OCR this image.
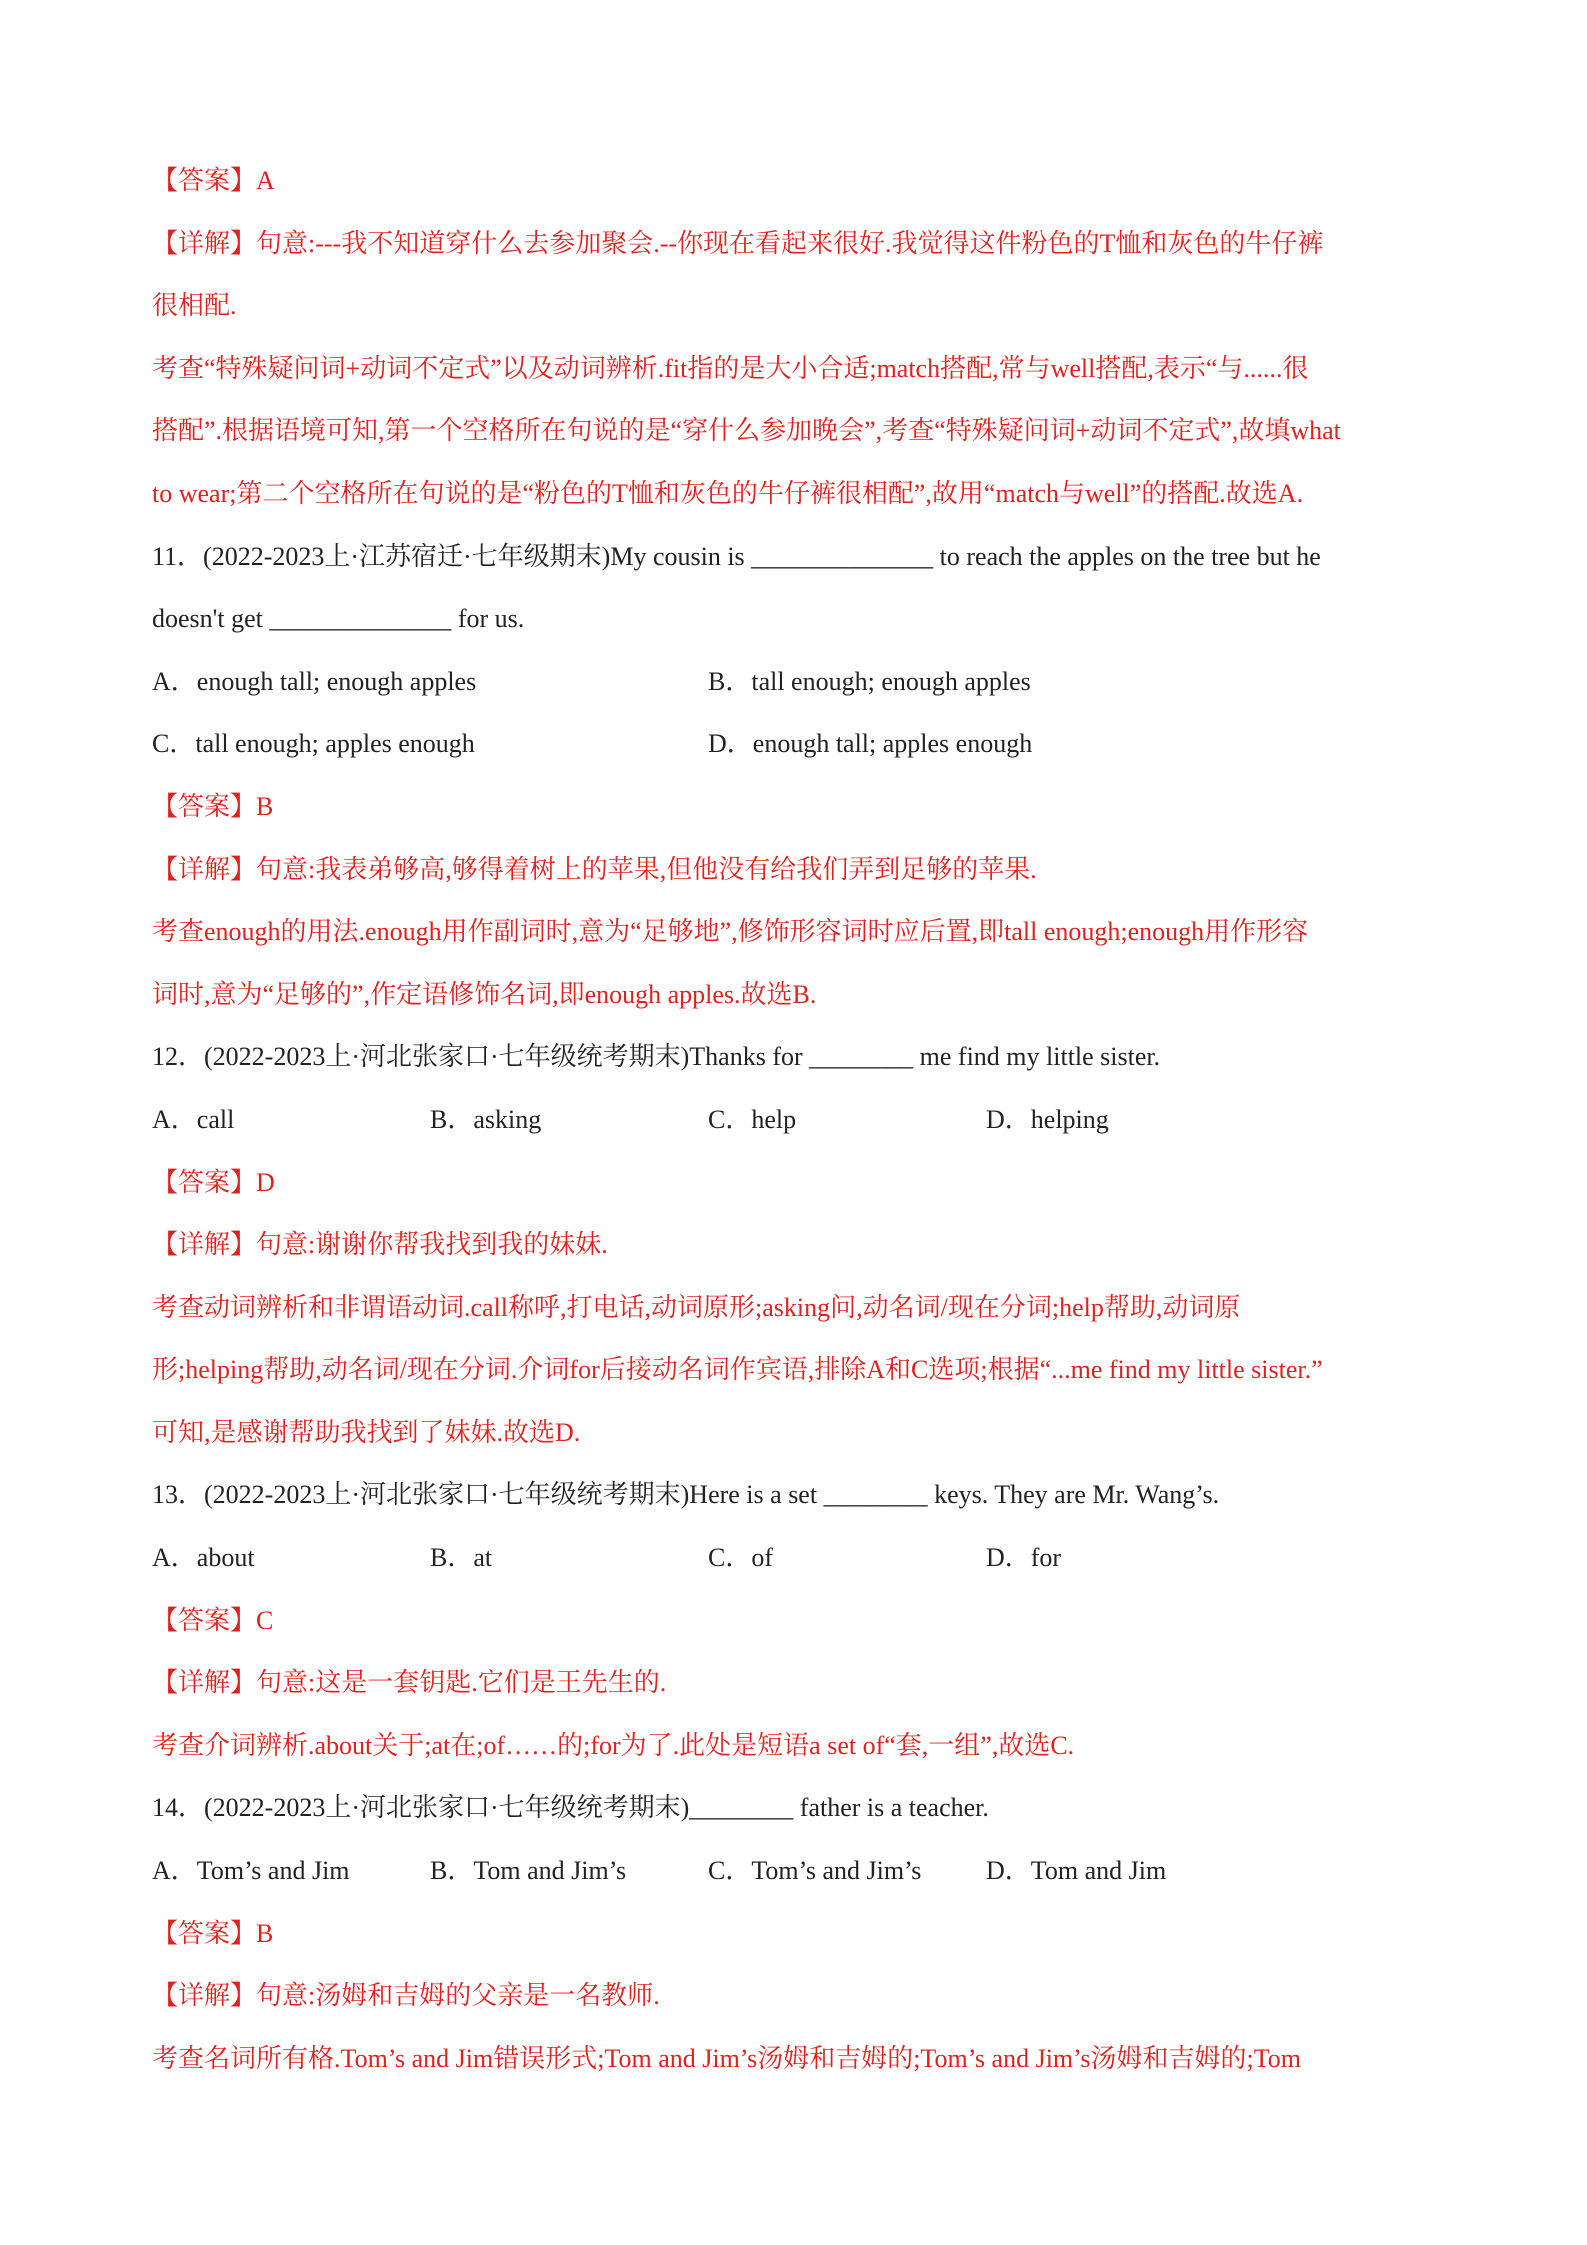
【答案】A
【详解】句意:---我不知道穿什么去参加聚会.--你现在看起来很好.我觉得这件粉色的T恤和灰色的牛仔裤
很相配.
考查“特殊疑问词+动词不定式”以及动词辨析.fit指的是大小合适;match搭配,常与well搭配,表示“与......很
搭配”.根据语境可知,第一个空格所在句说的是“穿什么参加晚会”,考查“特殊疑问词+动词不定式”,故填what
to wear;第二个空格所在句说的是“粉色的T恤和灰色的牛仔裤很相配”,故用“match与well”的搭配.故选A.
11．(2022-2023上·江苏宿迁·七年级期末)My cousin is ______________ to reach the apples on the tree but he
doesn't get ______________ for us.
A．enough tall; enough apples	B．tall enough; enough apples
C．tall enough; apples enough	D．enough tall; apples enough
【答案】B
【详解】句意:我表弟够高,够得着树上的苹果,但他没有给我们弄到足够的苹果.
考查enough的用法.enough用作副词时,意为“足够地”,修饰形容词时应后置,即tall enough;enough用作形容
词时,意为“足够的”,作定语修饰名词,即enough apples.故选B.
12．(2022-2023上·河北张家口·七年级统考期末)Thanks for ________ me find my little sister.
A．call	B．asking	C．help	D．helping
【答案】D
【详解】句意:谢谢你帮我找到我的妹妹.
考查动词辨析和非谓语动词.call称呼,打电话,动词原形;asking问,动名词/现在分词;help帮助,动词原
形;helping帮助,动名词/现在分词.介词for后接动名词作宾语,排除A和C选项;根据“...me find my little sister.”
可知,是感谢帮助我找到了妹妹.故选D.
13．(2022-2023上·河北张家口·七年级统考期末)Here is a set ________ keys. They are Mr. Wang’s.
A．about	B．at	C．of	D．for
【答案】C
【详解】句意:这是一套钥匙.它们是王先生的.
考查介词辨析.about关于;at在;of……的;for为了.此处是短语a set of“套,一组”,故选C.
14．(2022-2023上·河北张家口·七年级统考期末)________ father is a teacher.
A．Tom’s and Jim	B．Tom and Jim’s	C．Tom’s and Jim’s	D．Tom and Jim
【答案】B
【详解】句意:汤姆和吉姆的父亲是一名教师.
考查名词所有格.Tom’s and Jim错误形式;Tom and Jim’s汤姆和吉姆的;Tom’s and Jim’s汤姆和吉姆的;Tom
